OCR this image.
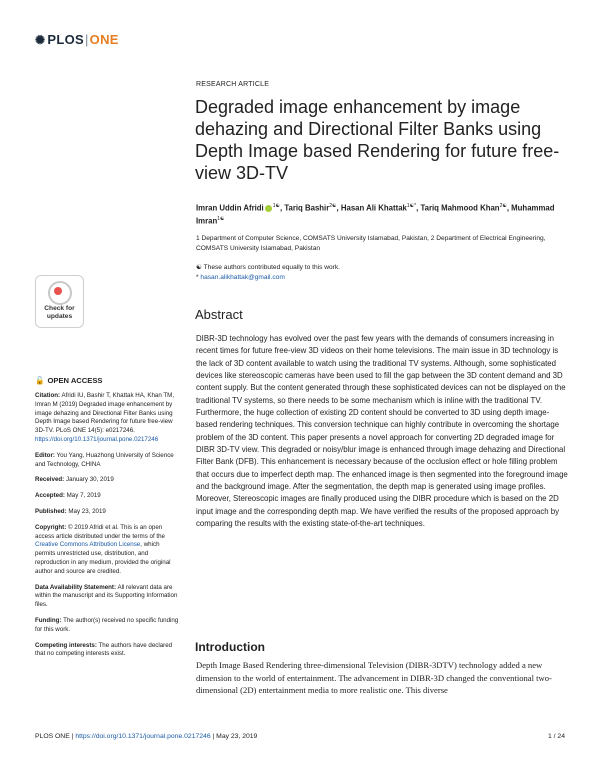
✺ PLOS|ONE
RESEARCH ARTICLE
Degraded image enhancement by image dehazing and Directional Filter Banks using Depth Image based Rendering for future free-view 3D-TV
Imran Uddin Afridi $^{1☯}$, Tariq Bashir$^{2☯}$, Hasan Ali Khattak$^{1☯*}$, Tariq Mahmood Khan$^{2☯}$, Muhammad Imran$^{1☯}$
1 Department of Computer Science, COMSATS University Islamabad, Pakistan, 2 Department of Electrical Engineering, COMSATS University Islamabad, Pakistan
☯ These authors contributed equally to this work.
* hasan.alikhattak@gmail.com
Check for
updates	Abstract
DIBR-3D technology has evolved over the past few years with the demands of consumers increasing in recent times for future free-view 3D videos on their home televisions. The main issue in 3D technology is the lack of 3D content available to watch using the traditional TV systems. Although, some sophisticated devices like stereoscopic cameras have been used to fill the gap between the 3D content demand and 3D content supply. But the content generated through these sophisticated devices can not be displayed on the traditional TV systems, so there needs to be some mechanism which is inline with the traditional TV. Furthermore, the huge collection of existing 2D content should be converted to 3D using depth image-based rendering techniques. This conversion technique can highly contribute in overcoming the shortage problem of the 3D content. This paper presents a novel approach for converting 2D degraded image for DIBR 3D-TV view. This degraded or noisy/blur image is enhanced through image dehazing and Directional Filter Bank (DFB). This enhancement is necessary because of the occlusion effect or hole filling problem that occurs due to imperfect depth map. The enhanced image is then segmented into the foreground image and the background image. After the segmentation, the depth map is generated using image profiles. Moreover, Stereoscopic images are finally produced using the DIBR procedure which is based on the 2D input image and the corresponding depth map. We have verified the results of the proposed approach by comparing the results with the existing state-of-the-art techniques.
🔓 OPEN ACCESS

Citation: Afridi IU, Bashir T, Khattak HA, Khan TM, Imran M (2019) Degraded image enhancement by image dehazing and Directional Filter Banks using Depth Image based Rendering for future free-view 3D-TV. PLoS ONE 14(5): e0217246. https://doi.org/10.1371/journal.pone.0217246

Editor: You Yang, Huazhong University of Science and Technology, CHINA

Received: January 30, 2019

Accepted: May 7, 2019

Published: May 23, 2019

Copyright: © 2019 Afridi et al. This is an open access article distributed under the terms of the Creative Commons Attribution License, which permits unrestricted use, distribution, and reproduction in any medium, provided the original author and source are credited.

Data Availability Statement: All relevant data are within the manuscript and its Supporting Information files.

Funding: The author(s) received no specific funding for this work.

Competing interests: The authors have declared that no competing interests exist.	Introduction
Depth Image Based Rendering three-dimensional Television (DIBR-3DTV) technology added a new dimension to the world of entertainment. The advancement in DIBR-3D changed the conventional two-dimensional (2D) entertainment media to more realistic one. This diverse
PLOS ONE | https://doi.org/10.1371/journal.pone.0217246 | May 23, 2019	1 / 24
